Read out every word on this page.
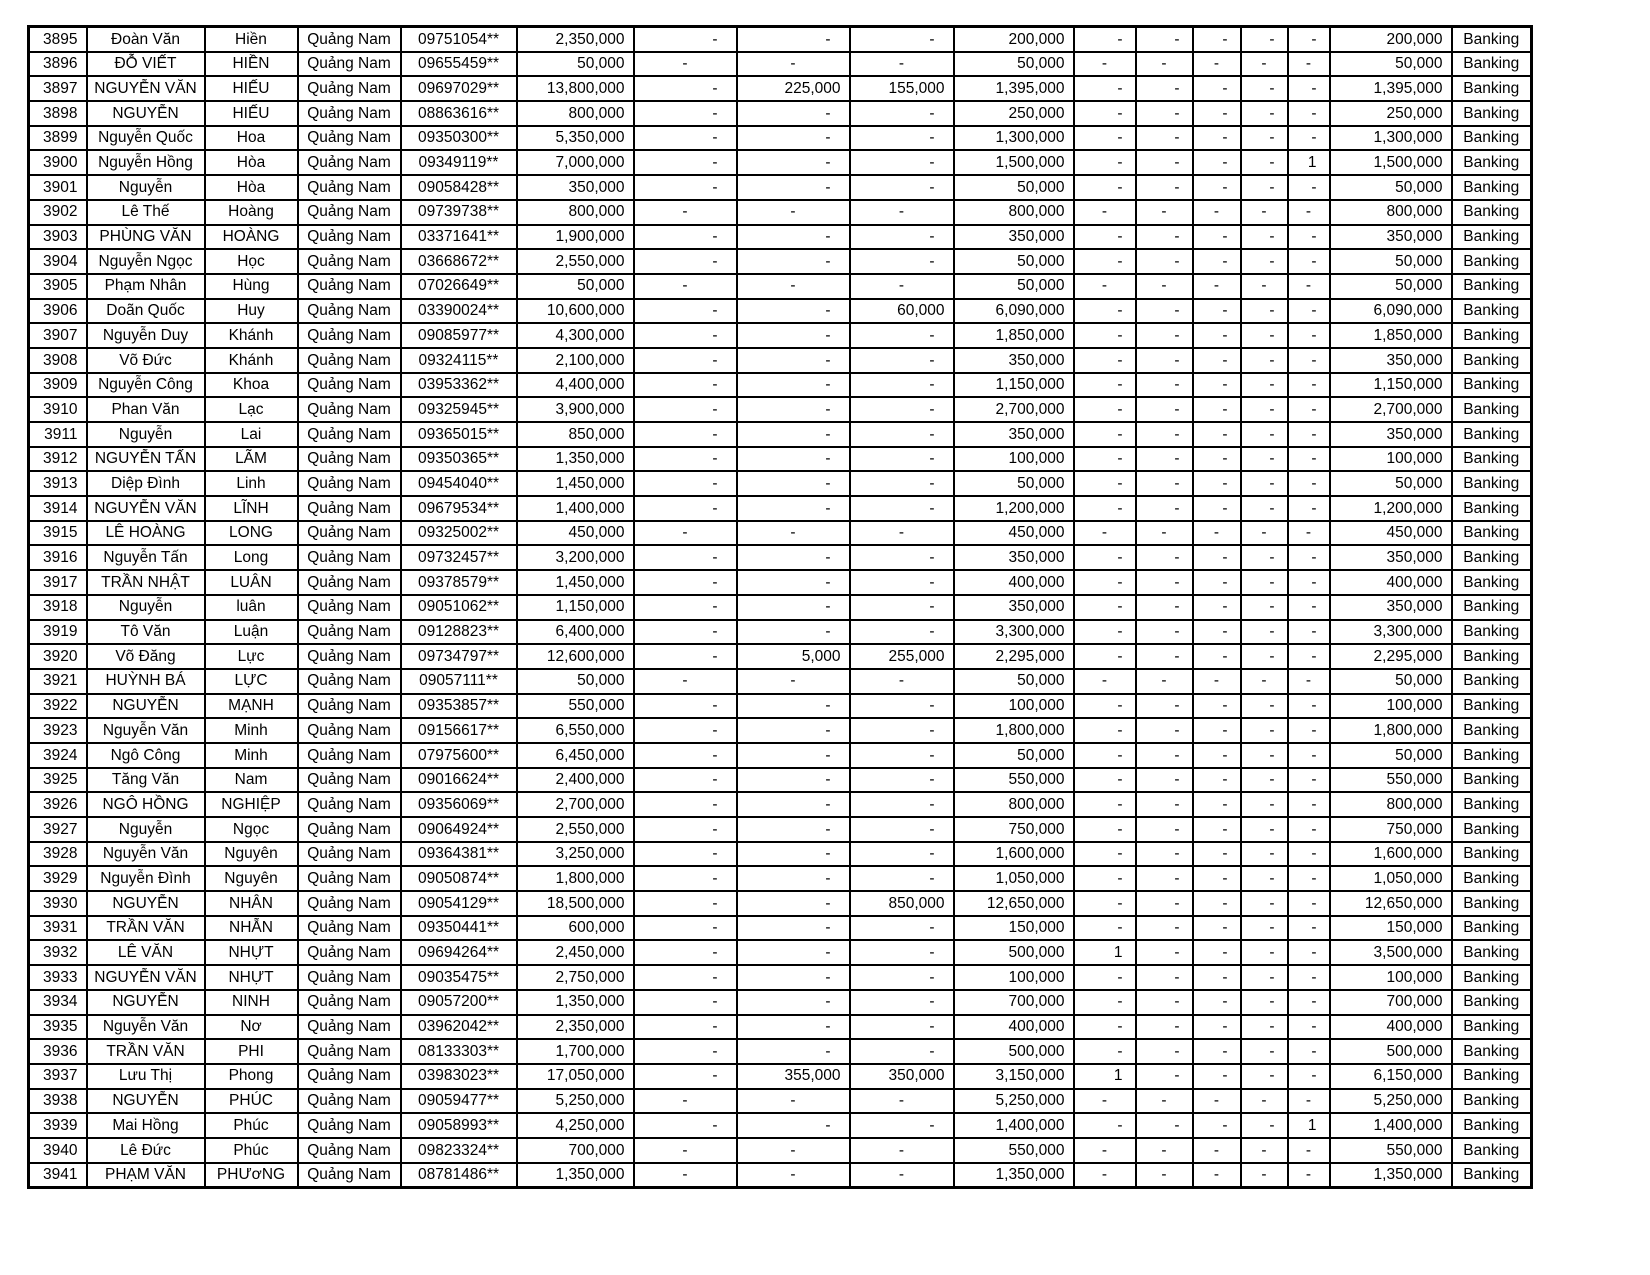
3895	Đoàn Văn	Hiền	Quảng Nam	09751054**	2,350,000	-	-	-	200,000	-	-	-	-	-	200,000	Banking
3896	ĐỖ VIẾT	HIỀN	Quảng Nam	09655459**	50,000	-	-	-	50,000	-	-	-	-	-	50,000	Banking
3897	NGUYỄN VĂN	HIẾU	Quảng Nam	09697029**	13,800,000	-	225,000	155,000	1,395,000	-	-	-	-	-	1,395,000	Banking
3898	NGUYỄN	HIẾU	Quảng Nam	08863616**	800,000	-	-	-	250,000	-	-	-	-	-	250,000	Banking
3899	Nguyễn Quốc	Hoa	Quảng Nam	09350300**	5,350,000	-	-	-	1,300,000	-	-	-	-	-	1,300,000	Banking
3900	Nguyễn Hồng	Hòa	Quảng Nam	09349119**	7,000,000	-	-	-	1,500,000	-	-	-	-	1	1,500,000	Banking
3901	Nguyễn	Hòa	Quảng Nam	09058428**	350,000	-	-	-	50,000	-	-	-	-	-	50,000	Banking
3902	Lê Thế	Hoàng	Quảng Nam	09739738**	800,000	-	-	-	800,000	-	-	-	-	-	800,000	Banking
3903	PHÙNG VĂN	HOÀNG	Quảng Nam	03371641**	1,900,000	-	-	-	350,000	-	-	-	-	-	350,000	Banking
3904	Nguyễn Ngọc	Học	Quảng Nam	03668672**	2,550,000	-	-	-	50,000	-	-	-	-	-	50,000	Banking
3905	Phạm Nhân	Hùng	Quảng Nam	07026649**	50,000	-	-	-	50,000	-	-	-	-	-	50,000	Banking
3906	Doãn Quốc	Huy	Quảng Nam	03390024**	10,600,000	-	-	60,000	6,090,000	-	-	-	-	-	6,090,000	Banking
3907	Nguyễn Duy	Khánh	Quảng Nam	09085977**	4,300,000	-	-	-	1,850,000	-	-	-	-	-	1,850,000	Banking
3908	Võ Đức	Khánh	Quảng Nam	09324115**	2,100,000	-	-	-	350,000	-	-	-	-	-	350,000	Banking
3909	Nguyễn Công	Khoa	Quảng Nam	03953362**	4,400,000	-	-	-	1,150,000	-	-	-	-	-	1,150,000	Banking
3910	Phan Văn	Lạc	Quảng Nam	09325945**	3,900,000	-	-	-	2,700,000	-	-	-	-	-	2,700,000	Banking
3911	Nguyễn	Lai	Quảng Nam	09365015**	850,000	-	-	-	350,000	-	-	-	-	-	350,000	Banking
3912	NGUYỄN TẤN	LÃM	Quảng Nam	09350365**	1,350,000	-	-	-	100,000	-	-	-	-	-	100,000	Banking
3913	Diệp Đình	Linh	Quảng Nam	09454040**	1,450,000	-	-	-	50,000	-	-	-	-	-	50,000	Banking
3914	NGUYỄN VĂN	LĨNH	Quảng Nam	09679534**	1,400,000	-	-	-	1,200,000	-	-	-	-	-	1,200,000	Banking
3915	LÊ HOÀNG	LONG	Quảng Nam	09325002**	450,000	-	-	-	450,000	-	-	-	-	-	450,000	Banking
3916	Nguyễn Tấn	Long	Quảng Nam	09732457**	3,200,000	-	-	-	350,000	-	-	-	-	-	350,000	Banking
3917	TRẦN NHẬT	LUÂN	Quảng Nam	09378579**	1,450,000	-	-	-	400,000	-	-	-	-	-	400,000	Banking
3918	Nguyễn	luân	Quảng Nam	09051062**	1,150,000	-	-	-	350,000	-	-	-	-	-	350,000	Banking
3919	Tô Văn	Luận	Quảng Nam	09128823**	6,400,000	-	-	-	3,300,000	-	-	-	-	-	3,300,000	Banking
3920	Võ Đăng	Lực	Quảng Nam	09734797**	12,600,000	-	5,000	255,000	2,295,000	-	-	-	-	-	2,295,000	Banking
3921	HUỲNH BÁ	LỰC	Quảng Nam	09057111**	50,000	-	-	-	50,000	-	-	-	-	-	50,000	Banking
3922	NGUYỄN	MẠNH	Quảng Nam	09353857**	550,000	-	-	-	100,000	-	-	-	-	-	100,000	Banking
3923	Nguyễn Văn	Minh	Quảng Nam	09156617**	6,550,000	-	-	-	1,800,000	-	-	-	-	-	1,800,000	Banking
3924	Ngô Công	Minh	Quảng Nam	07975600**	6,450,000	-	-	-	50,000	-	-	-	-	-	50,000	Banking
3925	Tăng Văn	Nam	Quảng Nam	09016624**	2,400,000	-	-	-	550,000	-	-	-	-	-	550,000	Banking
3926	NGÔ HỒNG	NGHIỆP	Quảng Nam	09356069**	2,700,000	-	-	-	800,000	-	-	-	-	-	800,000	Banking
3927	Nguyễn	Ngọc	Quảng Nam	09064924**	2,550,000	-	-	-	750,000	-	-	-	-	-	750,000	Banking
3928	Nguyễn Văn	Nguyên	Quảng Nam	09364381**	3,250,000	-	-	-	1,600,000	-	-	-	-	-	1,600,000	Banking
3929	Nguyễn Đình	Nguyên	Quảng Nam	09050874**	1,800,000	-	-	-	1,050,000	-	-	-	-	-	1,050,000	Banking
3930	NGUYỄN	NHÂN	Quảng Nam	09054129**	18,500,000	-	-	850,000	12,650,000	-	-	-	-	-	12,650,000	Banking
3931	TRẦN VĂN	NHẪN	Quảng Nam	09350441**	600,000	-	-	-	150,000	-	-	-	-	-	150,000	Banking
3932	LÊ VĂN	NHỰT	Quảng Nam	09694264**	2,450,000	-	-	-	500,000	1	-	-	-	-	3,500,000	Banking
3933	NGUYỄN VĂN	NHỰT	Quảng Nam	09035475**	2,750,000	-	-	-	100,000	-	-	-	-	-	100,000	Banking
3934	NGUYỄN	NINH	Quảng Nam	09057200**	1,350,000	-	-	-	700,000	-	-	-	-	-	700,000	Banking
3935	Nguyễn Văn	Nơ	Quảng Nam	03962042**	2,350,000	-	-	-	400,000	-	-	-	-	-	400,000	Banking
3936	TRẦN VĂN	PHI	Quảng Nam	08133303**	1,700,000	-	-	-	500,000	-	-	-	-	-	500,000	Banking
3937	Lưu Thị	Phong	Quảng Nam	03983023**	17,050,000	-	355,000	350,000	3,150,000	1	-	-	-	-	6,150,000	Banking
3938	NGUYỄN	PHÚC	Quảng Nam	09059477**	5,250,000	-	-	-	5,250,000	-	-	-	-	-	5,250,000	Banking
3939	Mai Hồng	Phúc	Quảng Nam	09058993**	4,250,000	-	-	-	1,400,000	-	-	-	-	1	1,400,000	Banking
3940	Lê Đức	Phúc	Quảng Nam	09823324**	700,000	-	-	-	550,000	-	-	-	-	-	550,000	Banking
3941	PHẠM VĂN	PHƯơNG	Quảng Nam	08781486**	1,350,000	-	-	-	1,350,000	-	-	-	-	-	1,350,000	Banking
